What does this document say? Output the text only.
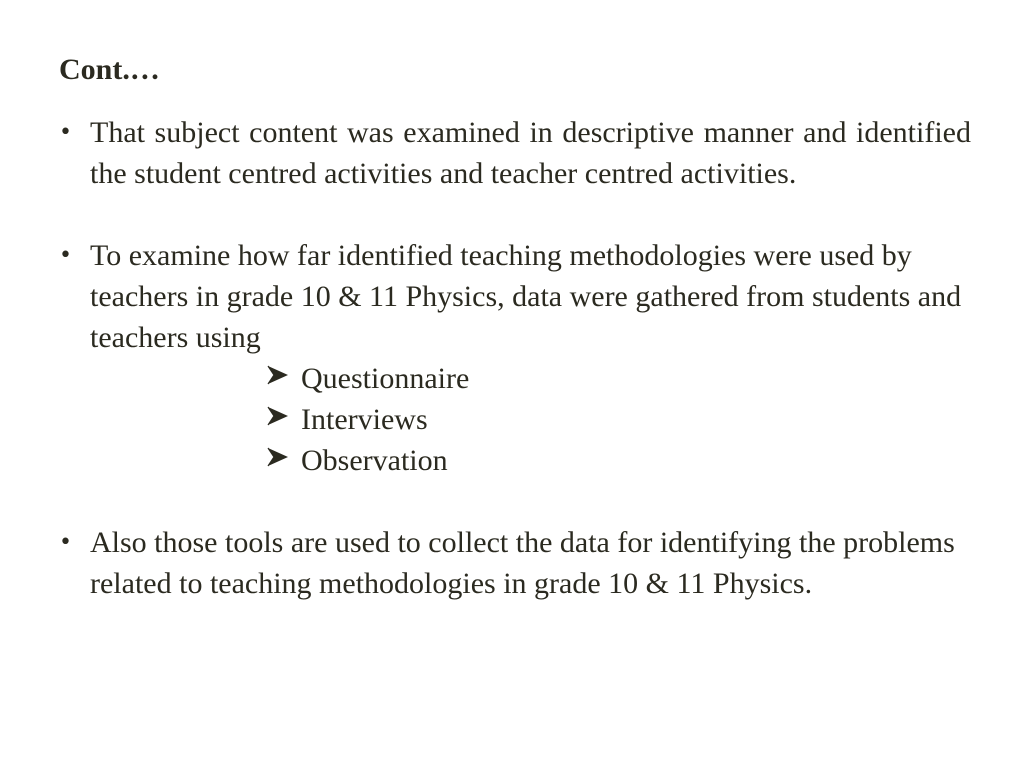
Cont.…
• That subject content was examined in descriptive manner and identified the student centred activities and teacher centred activities.
• To examine how far identified teaching methodologies were used by teachers in grade 10 & 11 Physics, data were gathered from students and teachers using
Questionnaire
Interviews
Observation
• Also those tools are used to collect the data for identifying the problems related to teaching methodologies in grade 10 & 11 Physics.
